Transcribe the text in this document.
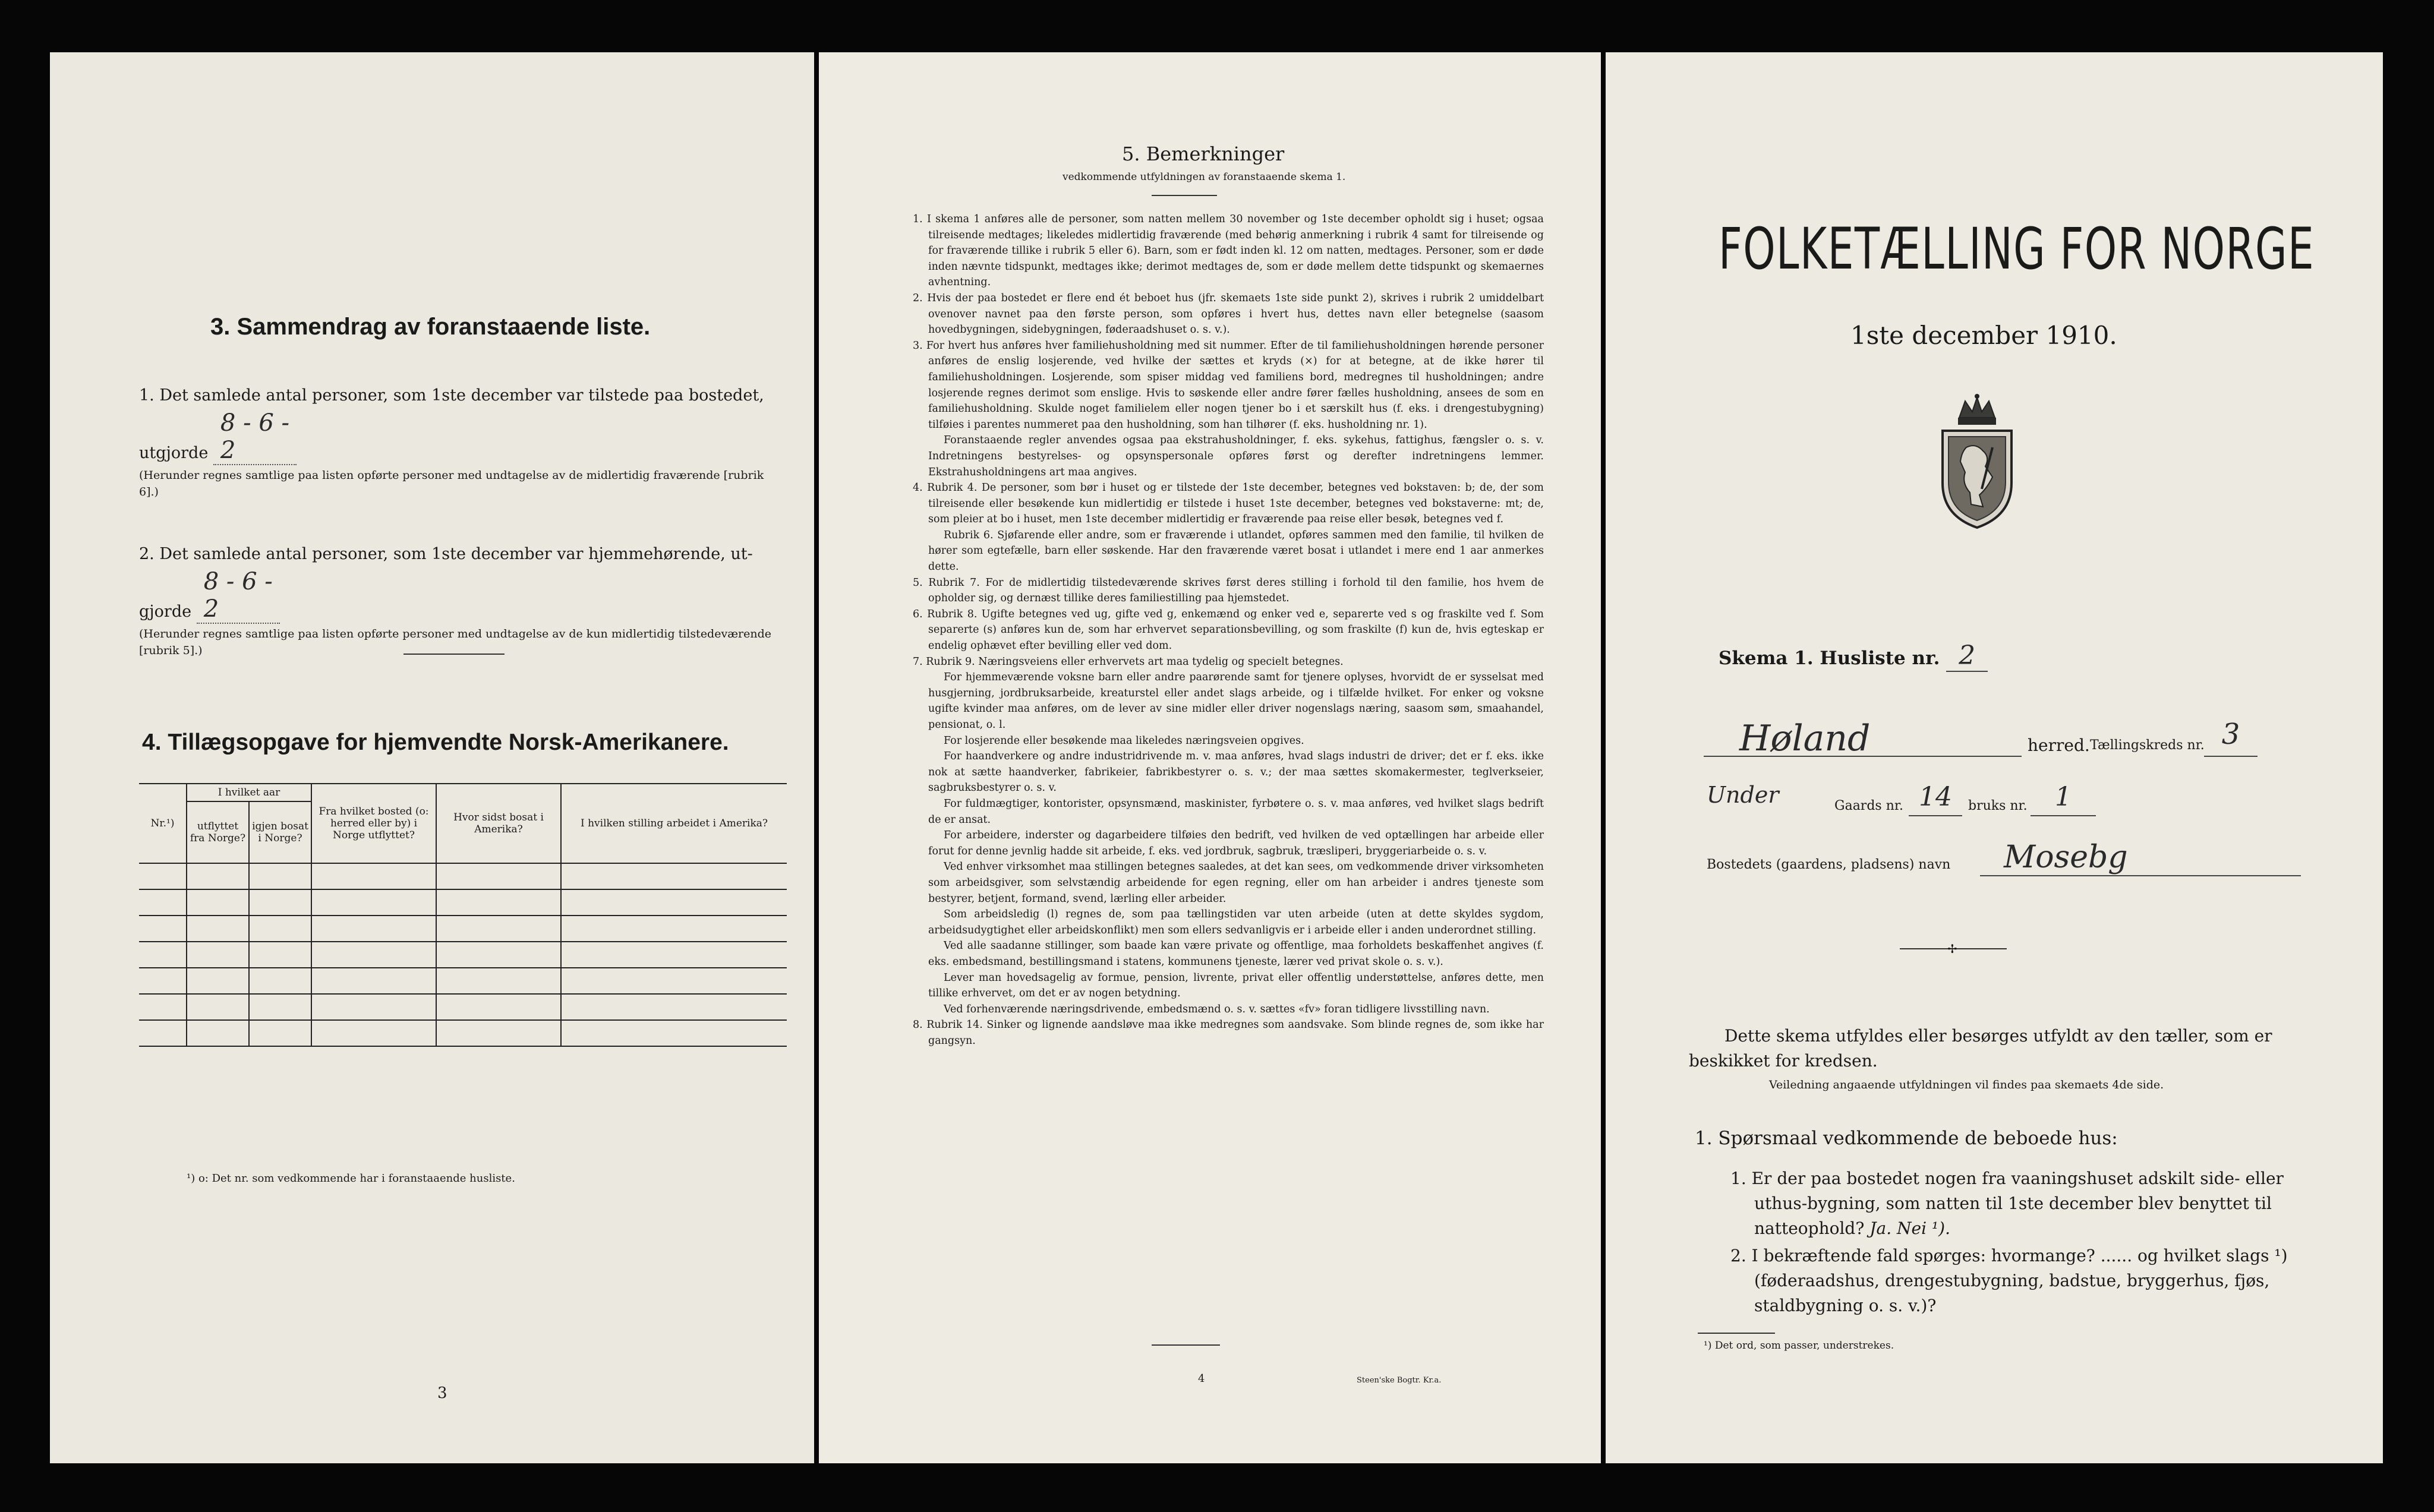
3. Sammendrag av foranstaaende liste.
1. Det samlede antal personer, som 1ste december var tilstede paa bostedet,
utgjorde 8 - 6 - 2
(Herunder regnes samtlige paa listen opførte personer med undtagelse av de midlertidig fraværende [rubrik 6].)
2. Det samlede antal personer, som 1ste december var hjemmehørende, ut-
gjorde 8 - 6 - 2
(Herunder regnes samtlige paa listen opførte personer med undtagelse av de kun midlertidig tilstedeværende [rubrik 5].)
4. Tillægsopgave for hjemvendte Norsk-Amerikanere.
Nr.¹)	I hvilket aar		Fra hvilket bosted (o: herred eller by) i Norge utflyttet?	Hvor sidst bosat i Amerika?	I hvilken stilling arbeidet i Amerika?
	utflyttet fra Norge?	igjen bosat i Norge?			

¹) o: Det nr. som vedkommende har i foranstaaende husliste.
3
5. Bemerkninger
vedkommende utfyldningen av foranstaaende skema 1.

1. I skema 1 anføres alle de personer, som natten mellem 30 november og 1ste december opholdt sig i huset; ogsaa tilreisende medtages; likeledes midlertidig fraværende (med behørig anmerkning i rubrik 4 samt for tilreisende og for fraværende tillike i rubrik 5 eller 6). Barn, som er født inden kl. 12 om natten, medtages. Personer, som er døde inden nævnte tidspunkt, medtages ikke; derimot medtages de, som er døde mellem dette tidspunkt og skemaernes avhentning.

2. Hvis der paa bostedet er flere end ét beboet hus (jfr. skemaets 1ste side punkt 2), skrives i rubrik 2 umiddelbart ovenover navnet paa den første person, som opføres i hvert hus, dettes navn eller betegnelse (saasom hovedbygningen, sidebygningen, føderaadshuset o. s. v.).

3. For hvert hus anføres hver familiehusholdning med sit nummer. Efter de til familiehusholdningen hørende personer anføres de enslig losjerende, ved hvilke der sættes et kryds (×) for at betegne, at de ikke hører til familiehusholdningen. Losjerende, som spiser middag ved familiens bord, medregnes til husholdningen; andre losjerende regnes derimot som enslige. Hvis to søskende eller andre fører fælles husholdning, ansees de som en familiehusholdning. Skulde noget familielem eller nogen tjener bo i et særskilt hus (f. eks. i drengestubygning) tilføies i parentes nummeret paa den husholdning, som han tilhører (f. eks. husholdning nr. 1).

Foranstaaende regler anvendes ogsaa paa ekstrahusholdninger, f. eks. sykehus, fattighus, fængsler o. s. v. Indretningens bestyrelses- og opsynspersonale opføres først og derefter indretningens lemmer. Ekstrahusholdningens art maa angives.

4. Rubrik 4. De personer, som bør i huset og er tilstede der 1ste december, betegnes ved bokstaven: b; de, der som tilreisende eller besøkende kun midlertidig er tilstede i huset 1ste december, betegnes ved bokstaverne: mt; de, som pleier at bo i huset, men 1ste december midlertidig er fraværende paa reise eller besøk, betegnes ved f.

Rubrik 6. Sjøfarende eller andre, som er fraværende i utlandet, opføres sammen med den familie, til hvilken de hører som egtefælle, barn eller søskende. Har den fraværende været bosat i utlandet i mere end 1 aar anmerkes dette.

5. Rubrik 7. For de midlertidig tilstedeværende skrives først deres stilling i forhold til den familie, hos hvem de opholder sig, og dernæst tillike deres familiestilling paa hjemstedet.

6. Rubrik 8. Ugifte betegnes ved ug, gifte ved g, enkemænd og enker ved e, separerte ved s og fraskilte ved f. Som separerte (s) anføres kun de, som har erhvervet separationsbevilling, og som fraskilte (f) kun de, hvis egteskap er endelig ophævet efter bevilling eller ved dom.

7. Rubrik 9. Næringsveiens eller erhvervets art maa tydelig og specielt betegnes.

For hjemmeværende voksne barn eller andre paarørende samt for tjenere oplyses, hvorvidt de er sysselsat med husgjerning, jordbruksarbeide, kreaturstel eller andet slags arbeide, og i tilfælde hvilket. For enker og voksne ugifte kvinder maa anføres, om de lever av sine midler eller driver nogenslags næring, saasom søm, smaahandel, pensionat, o. l.

For losjerende eller besøkende maa likeledes næringsveien opgives.

For haandverkere og andre industridrivende m. v. maa anføres, hvad slags industri de driver; det er f. eks. ikke nok at sætte haandverker, fabrikeier, fabrikbestyrer o. s. v.; der maa sættes skomakermester, teglverkseier, sagbruksbestyrer o. s. v.

For fuldmægtiger, kontorister, opsynsmænd, maskinister, fyrbøtere o. s. v. maa anføres, ved hvilket slags bedrift de er ansat.

For arbeidere, inderster og dagarbeidere tilføies den bedrift, ved hvilken de ved optællingen har arbeide eller forut for denne jevnlig hadde sit arbeide, f. eks. ved jordbruk, sagbruk, træsliperi, bryggeriarbeide o. s. v.

Ved enhver virksomhet maa stillingen betegnes saaledes, at det kan sees, om vedkommende driver virksomheten som arbeidsgiver, som selvstændig arbeidende for egen regning, eller om han arbeider i andres tjeneste som bestyrer, betjent, formand, svend, lærling eller arbeider.

Som arbeidsledig (l) regnes de, som paa tællingstiden var uten arbeide (uten at dette skyldes sygdom, arbeidsudygtighet eller arbeidskonflikt) men som ellers sedvanligvis er i arbeide eller i anden underordnet stilling.

Ved alle saadanne stillinger, som baade kan være private og offentlige, maa forholdets beskaffenhet angives (f. eks. embedsmand, bestillingsmand i statens, kommunens tjeneste, lærer ved privat skole o. s. v.).

Lever man hovedsagelig av formue, pension, livrente, privat eller offentlig understøttelse, anføres dette, men tillike erhvervet, om det er av nogen betydning.

Ved forhenværende næringsdrivende, embedsmænd o. s. v. sættes «fv» foran tidligere livsstilling navn.

8. Rubrik 14. Sinker og lignende aandsløve maa ikke medregnes som aandsvake. Som blinde regnes de, som ikke har gangsyn.

4	Steen'ske Bogtr. Kr.a.
FOLKETÆLLING FOR NORGE
1ste december 1910.
Skema 1. Husliste nr. 2
Høland	herred. Tællingskreds nr. 3
Under	Gaards nr. 14	bruks nr.	1
Bostedets (gaardens, pladsens) navn	Mosebg
✢
Dette skema utfyldes eller besørges utfyldt av den tæller, som er beskikket for kredsen.
Veiledning angaaende utfyldningen vil findes paa skemaets 4de side.
1. Spørsmaal vedkommende de beboede hus:
1. Er der paa bostedet nogen fra vaaningshuset adskilt side- eller uthus-bygning, som natten til 1ste december blev benyttet til natteophold? Ja. Nei ¹).
2. I bekræftende fald spørges: hvormange? ...... og hvilket slags ¹) (føderaadshus, drengestubygning, badstue, bryggerhus, fjøs, staldbygning o. s. v.)?
¹) Det ord, som passer, understrekes.
